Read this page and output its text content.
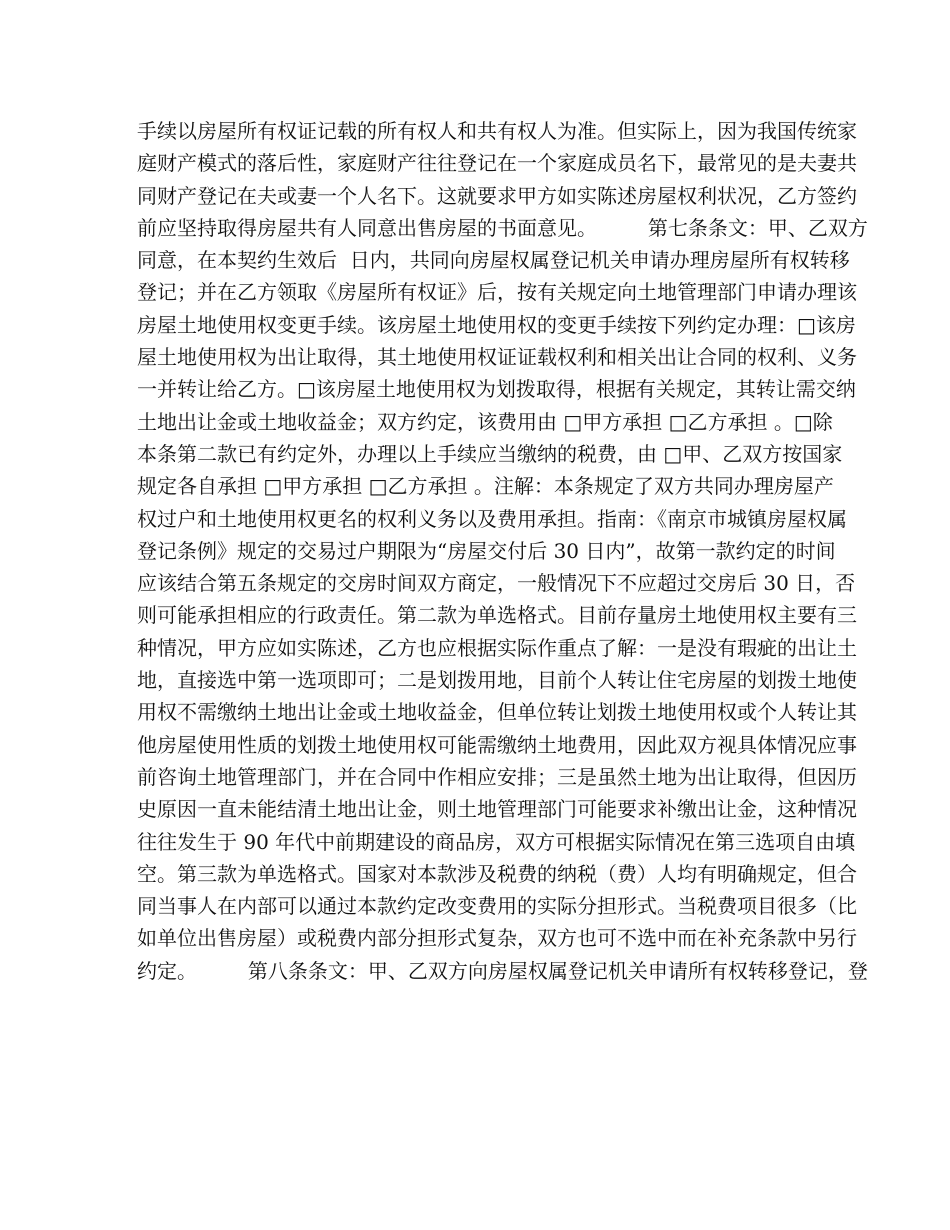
手续以房屋所有权证记载的所有权人和共有权人为准。但实际上，因为我国传统家
庭财产模式的落后性，家庭财产往往登记在一个家庭成员名下，最常见的是夫妻共
同财产登记在夫或妻一个人名下。这就要求甲方如实陈述房屋权利状况，乙方签约
前应坚持取得房屋共有人同意出售房屋的书面意见。        第七条条文：甲、乙双方
同意，在本契约生效后  日内，共同向房屋权属登记机关申请办理房屋所有权转移
登记；并在乙方领取《房屋所有权证》后，按有关规定向土地管理部门申请办理该
房屋土地使用权变更手续。该房屋土地使用权的变更手续按下列约定办理：□该房
屋土地使用权为出让取得，其土地使用权证证载权利和相关出让合同的权利、义务
一并转让给乙方。□该房屋土地使用权为划拨取得，根据有关规定，其转让需交纳
土地出让金或土地收益金；双方约定，该费用由 □甲方承担 □乙方承担 。□除
本条第二款已有约定外，办理以上手续应当缴纳的税费，由 □甲、乙双方按国家
规定各自承担 □甲方承担 □乙方承担 。注解：本条规定了双方共同办理房屋产
权过户和土地使用权更名的权利义务以及费用承担。指南：《南京市城镇房屋权属
登记条例》规定的交易过户期限为“房屋交付后 30 日内”，故第一款约定的时间
应该结合第五条规定的交房时间双方商定，一般情况下不应超过交房后 30 日，否
则可能承担相应的行政责任。第二款为单选格式。目前存量房土地使用权主要有三
种情况，甲方应如实陈述，乙方也应根据实际作重点了解：一是没有瑕疵的出让土
地，直接选中第一选项即可；二是划拨用地，目前个人转让住宅房屋的划拨土地使
用权不需缴纳土地出让金或土地收益金，但单位转让划拨土地使用权或个人转让其
他房屋使用性质的划拨土地使用权可能需缴纳土地费用，因此双方视具体情况应事
前咨询土地管理部门，并在合同中作相应安排；三是虽然土地为出让取得，但因历
史原因一直未能结清土地出让金，则土地管理部门可能要求补缴出让金，这种情况
往往发生于 90 年代中前期建设的商品房，双方可根据实际情况在第三选项自由填
空。第三款为单选格式。国家对本款涉及税费的纳税（费）人均有明确规定，但合
同当事人在内部可以通过本款约定改变费用的实际分担形式。当税费项目很多（比
如单位出售房屋）或税费内部分担形式复杂，双方也可不选中而在补充条款中另行
约定。        第八条条文：甲、乙双方向房屋权属登记机关申请所有权转移登记，登
